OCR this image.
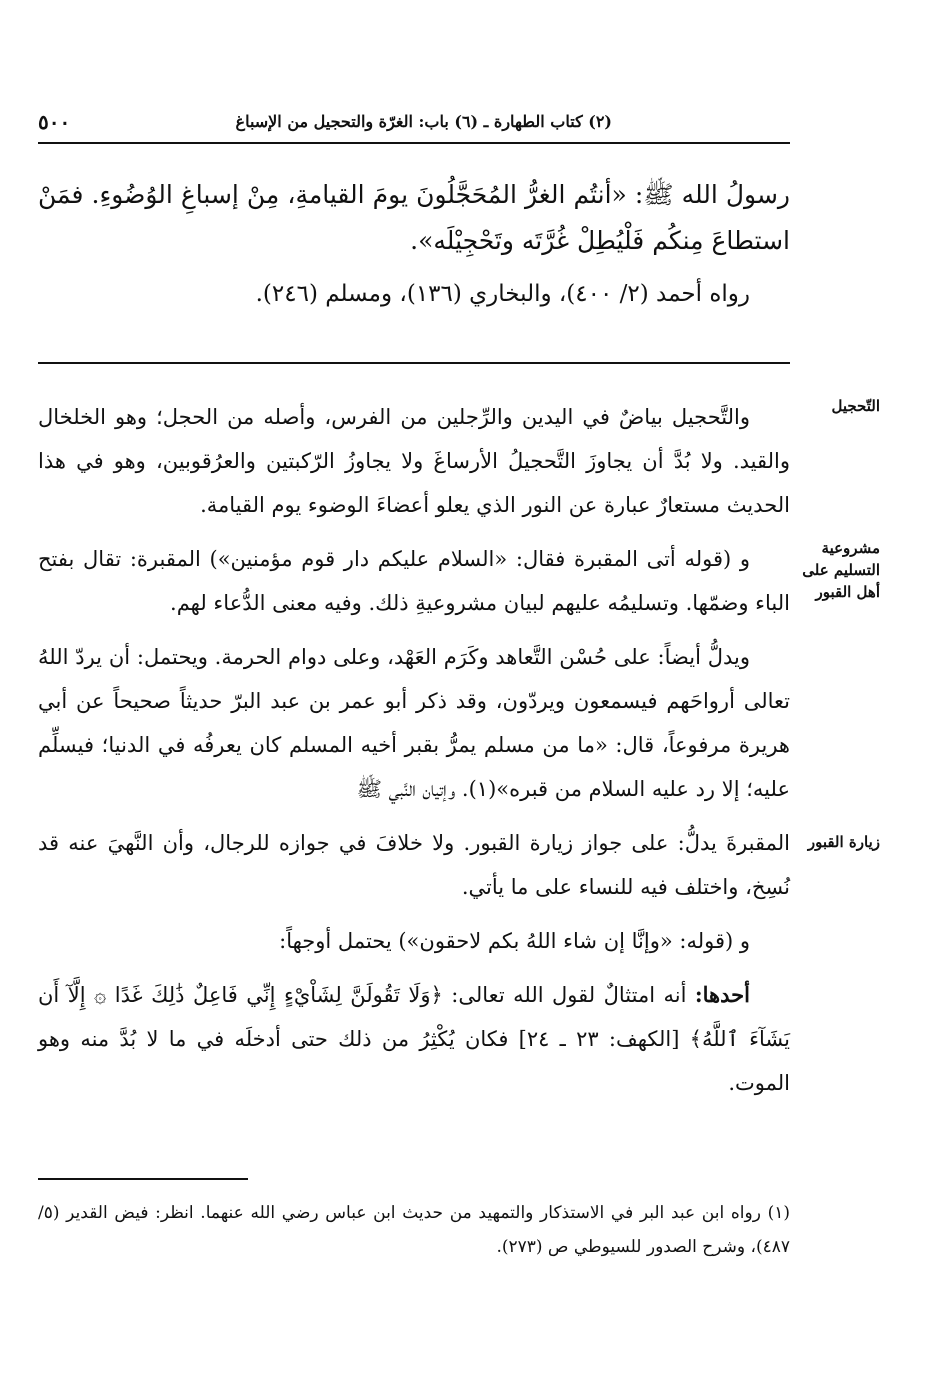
٥٠٠	(٢) كتاب الطهارة ـ (٦) باب: الغرّة والتحجيل من الإسباغ

رسولُ الله ﷺ: «أنتُم الغرُّ المُحَجَّلُونَ يومَ القيامةِ، مِنْ إسباغِ الوُضُوءِ. فمَنْ استطاعَ مِنكُم فَلْيُطِلْ غُرَّتَه وتَحْجِيْلَه».

رواه أحمد (٢/ ٤٠٠)، والبخاري (١٣٦)، ومسلم (٢٤٦).

التّحجيل
والتَّحجيل بياضٌ في اليدين والرِّجلين من الفرس، وأصله من الحجل؛ وهو الخلخال والقيد. ولا بُدَّ أن يجاوزَ التَّحجيلُ الأرساغَ ولا يجاوزُ الرّكبتين والعرُقوبين، وهو في هذا الحديث مستعارٌ عبارة عن النور الذي يعلو أعضاءَ الوضوء يوم القيامة.

مشروعية التسليم على أهل القبور
و (قوله أتى المقبرة فقال: «السلام عليكم دار قوم مؤمنين») المقبرة: تقال بفتح الباء وضمّها. وتسليمُه عليهم لبيان مشروعيةِ ذلك. وفيه معنى الدُّعاء لهم.

ويدلُّ أيضاً: على حُسْن التَّعاهد وكَرَم العَهْد، وعلى دوام الحرمة. ويحتمل: أن يردّ اللهُ تعالى أرواحَهم فيسمعون ويردّون، وقد ذكر أبو عمر بن عبد البرّ حديثاً صحيحاً عن أبي هريرة مرفوعاً، قال: «ما من مسلم يمرُّ بقبر أخيه المسلم كان يعرفُه في الدنيا؛ فيسلِّم عليه؛ إلا رد عليه السلام من قبره»(١). وإتيان النَّبي ﷺ

زيارة القبور
المقبرةَ يدلُّ: على جواز زيارة القبور. ولا خلافَ في جوازه للرجال، وأن النَّهيَ عنه قد نُسِخ، واختلف فيه للنساء على ما يأتي.

و (قوله: «وإنَّا إن شاء اللهُ بكم لاحقون») يحتمل أوجهاً:

أحدها: أنه امتثالٌ لقول الله تعالى: ﴿وَلَا تَقُولَنَّ لِشَاْيْءٍ إِنِّي فَاعِلٌ ذَٰلِكَ غَدًا ۞ إِلَّآ أَن يَشَآءَ ٱللَّهُ﴾ [الكهف: ٢٣ ـ ٢٤] فكان يُكْثِرُ من ذلك حتى أدخلَه في ما لا بُدَّ منه وهو الموت.

(١) رواه ابن عبد البر في الاستذكار والتمهيد من حديث ابن عباس رضي الله عنهما. انظر: فيض القدير (٥/ ٤٨٧)، وشرح الصدور للسيوطي ص (٢٧٣).
